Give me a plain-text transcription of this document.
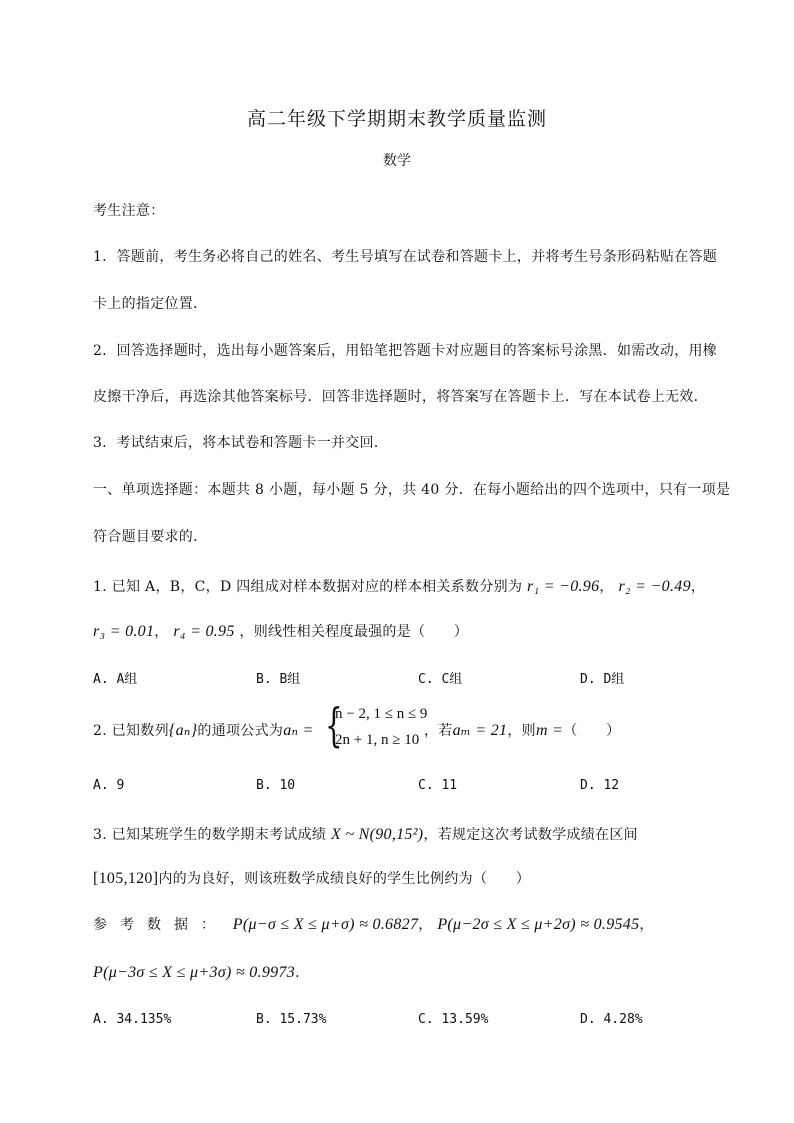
高二年级下学期期末教学质量监测
数学
考生注意：
1．答题前，考生务必将自己的姓名、考生号填写在试卷和答题卡上，并将考生号条形码粘贴在答题
卡上的指定位置．
2．回答选择题时，选出每小题答案后，用铅笔把答题卡对应题目的答案标号涂黑．如需改动，用橡
皮擦干净后，再选涂其他答案标号．回答非选择题时，将答案写在答题卡上．写在本试卷上无效．
3．考试结束后，将本试卷和答题卡一并交回．
一、单项选择题：本题共 8 小题，每小题 5 分，共 40 分．在每小题给出的四个选项中，只有一项是
符合题目要求的．
1. 已知 A，B，C，D 四组成对样本数据对应的样本相关系数分别为 r₁ = −0.96， r₂ = −0.49，
r₃ = 0.01， r₄ = 0.95 ，则线性相关程度最强的是（　　）
A. A组	B. B组	C. C组	D. D组
2. 已知数列{aₙ}的通项公式为aₙ = {
n − 2, 1 ≤ n ≤ 9
2n + 1, n ≥ 10
，若aₘ = 21，则m =（　　）
A. 9	B. 10	C. 11	D. 12
3. 已知某班学生的数学期末考试成绩 X ~ N(90,15²)，若规定这次考试数学成绩在区间
[105,120]内的为良好，则该班数学成绩良好的学生比例约为（　　）
参考数据： P(μ−σ ≤ X ≤ μ+σ) ≈ 0.6827， P(μ−2σ ≤ X ≤ μ+2σ) ≈ 0.9545，
P(μ−3σ ≤ X ≤ μ+3σ) ≈ 0.9973．
A. 34.135%	B. 15.73%	C. 13.59%	D. 4.28%
